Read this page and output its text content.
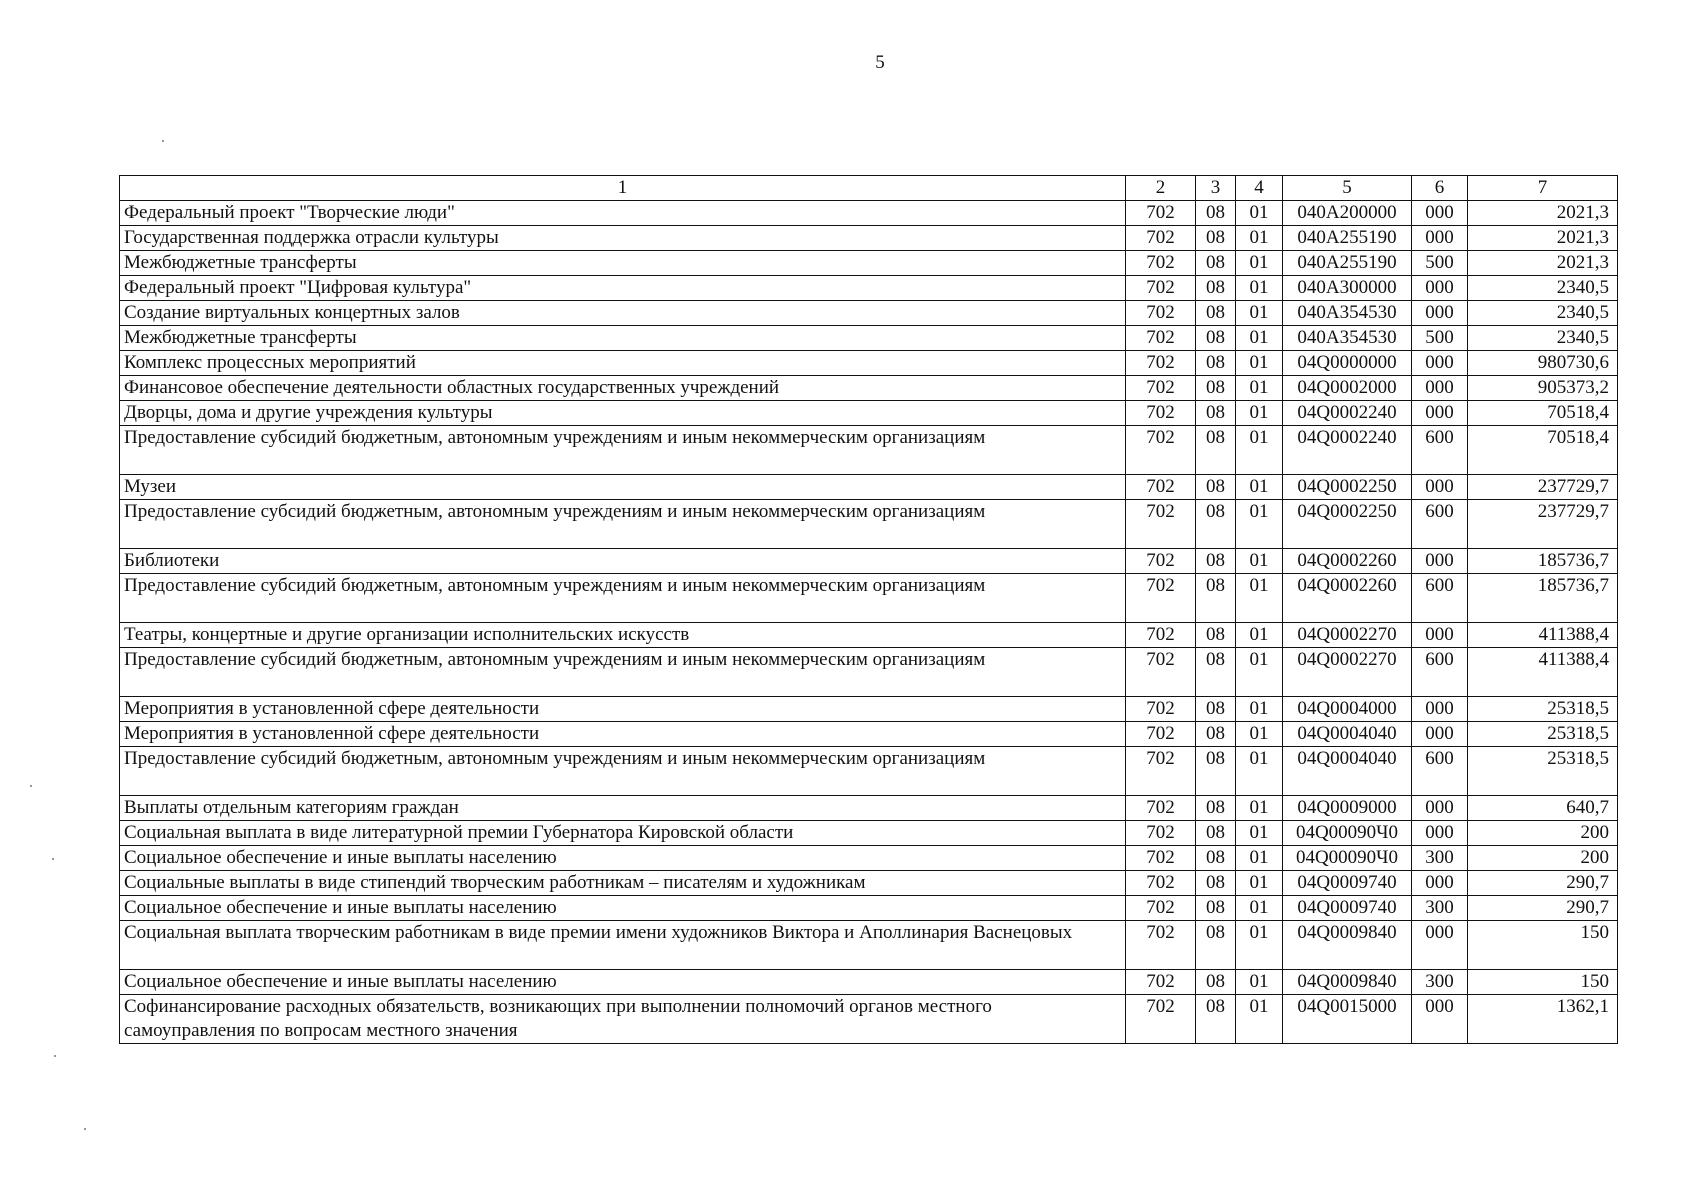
5
1	2	3	4	5	6	7
Федеральный проект "Творческие люди"	702	08	01	040A200000	000	2021,3
Государственная поддержка отрасли культуры	702	08	01	040A255190	000	2021,3
Межбюджетные трансферты	702	08	01	040A255190	500	2021,3
Федеральный проект "Цифровая культура"	702	08	01	040A300000	000	2340,5
Создание виртуальных концертных залов	702	08	01	040A354530	000	2340,5
Межбюджетные трансферты	702	08	01	040A354530	500	2340,5
Комплекс процессных мероприятий	702	08	01	04Q0000000	000	980730,6
Финансовое обеспечение деятельности областных государственных учреждений	702	08	01	04Q0002000	000	905373,2
Дворцы, дома и другие учреждения культуры	702	08	01	04Q0002240	000	70518,4
Предоставление субсидий бюджетным, автономным учреждениям и иным некоммерческим организациям	702	08	01	04Q0002240	600	70518,4
Музеи	702	08	01	04Q0002250	000	237729,7
Предоставление субсидий бюджетным, автономным учреждениям и иным некоммерческим организациям	702	08	01	04Q0002250	600	237729,7
Библиотеки	702	08	01	04Q0002260	000	185736,7
Предоставление субсидий бюджетным, автономным учреждениям и иным некоммерческим организациям	702	08	01	04Q0002260	600	185736,7
Театры, концертные и другие организации исполнительских искусств	702	08	01	04Q0002270	000	411388,4
Предоставление субсидий бюджетным, автономным учреждениям и иным некоммерческим организациям	702	08	01	04Q0002270	600	411388,4
Мероприятия в установленной сфере деятельности	702	08	01	04Q0004000	000	25318,5
Мероприятия в установленной сфере деятельности	702	08	01	04Q0004040	000	25318,5
Предоставление субсидий бюджетным, автономным учреждениям и иным некоммерческим организациям	702	08	01	04Q0004040	600	25318,5
Выплаты отдельным категориям граждан	702	08	01	04Q0009000	000	640,7
Социальная выплата в виде литературной премии Губернатора Кировской области	702	08	01	04Q00090Ч0	000	200
Социальное обеспечение и иные выплаты населению	702	08	01	04Q00090Ч0	300	200
Социальные выплаты в виде стипендий творческим работникам – писателям и художникам	702	08	01	04Q0009740	000	290,7
Социальное обеспечение и иные выплаты населению	702	08	01	04Q0009740	300	290,7
Социальная выплата творческим работникам в виде премии имени художников Виктора и Аполлинария Васнецовых	702	08	01	04Q0009840	000	150
Социальное обеспечение и иные выплаты населению	702	08	01	04Q0009840	300	150
Софинансирование расходных обязательств, возникающих при выполнении полномочий органов местного самоуправления по вопросам местного значения	702	08	01	04Q0015000	000	1362,1
